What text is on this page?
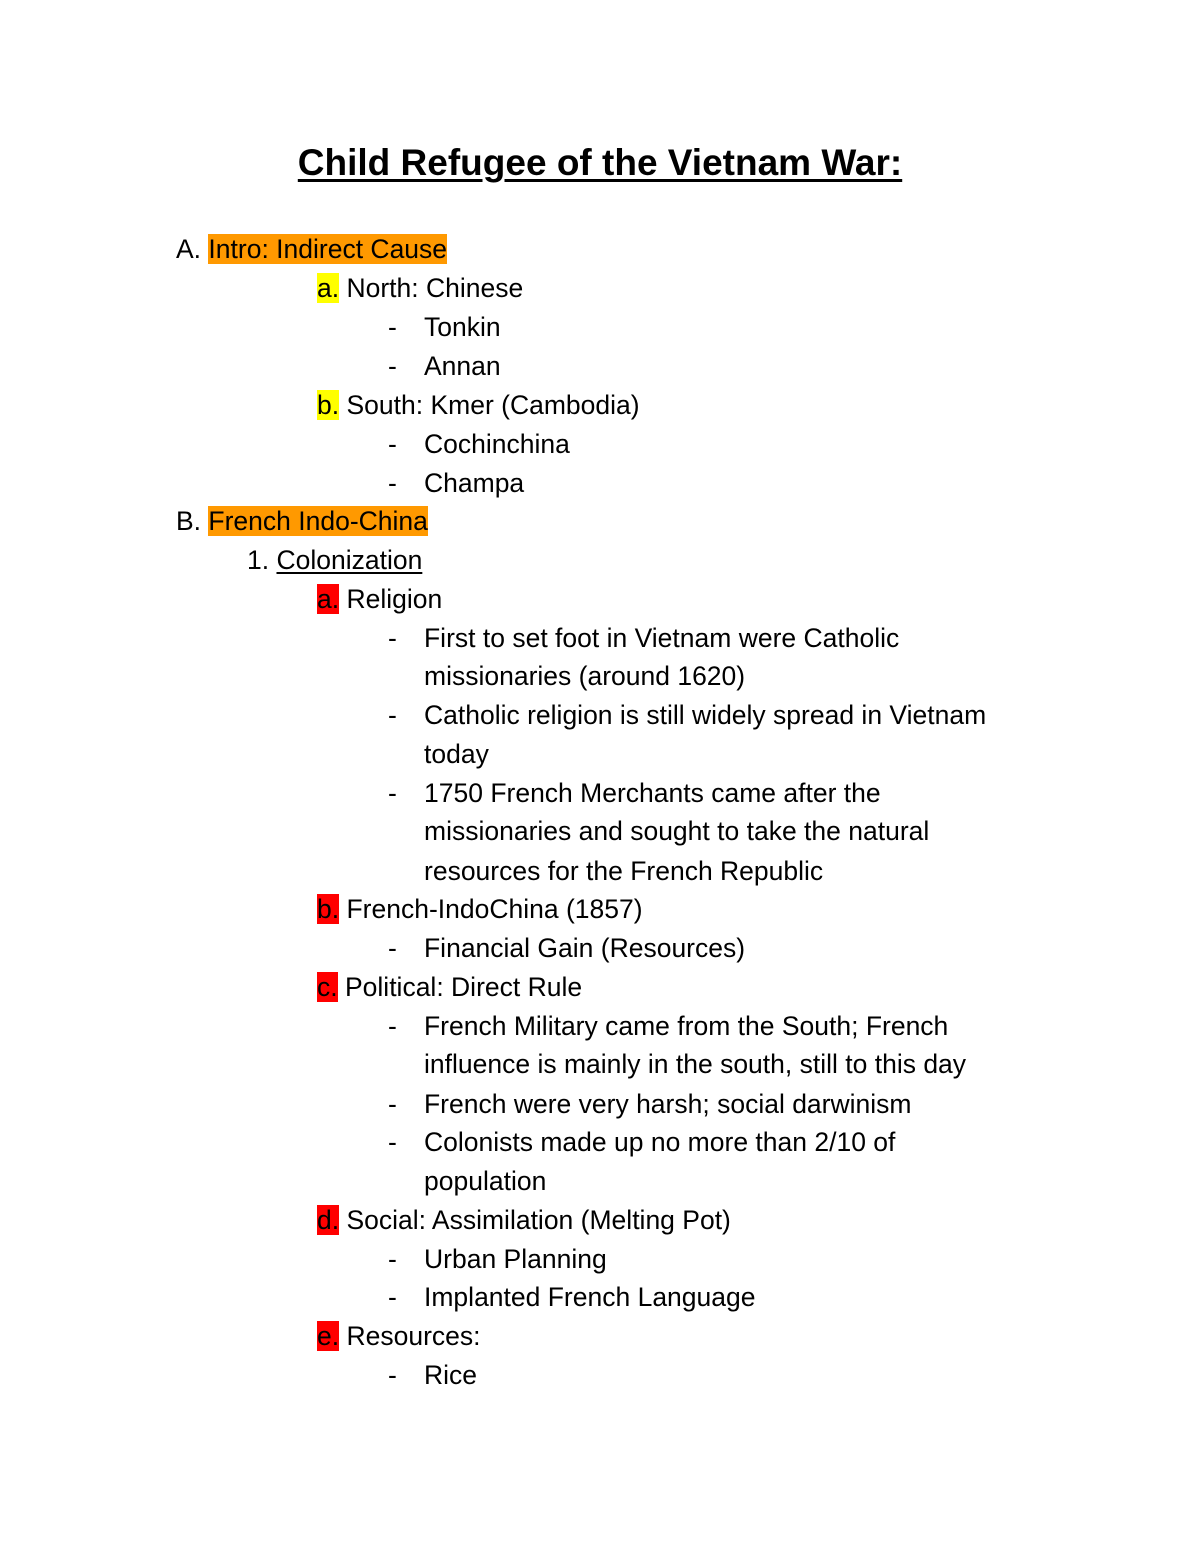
Child Refugee of the Vietnam War:
A. Intro: Indirect Cause
a. North: Chinese
- Tonkin
- Annan
b. South: Kmer (Cambodia)
- Cochinchina
- Champa
B. French Indo-China
1. Colonization
a. Religion
- First to set foot in Vietnam were Catholic
missionaries (around 1620)
- Catholic religion is still widely spread in Vietnam
today
- 1750 French Merchants came after the
missionaries and sought to take the natural
resources for the French Republic
b. French-IndoChina (1857)
- Financial Gain (Resources)
c. Political: Direct Rule
- French Military came from the South; French
influence is mainly in the south, still to this day
- French were very harsh; social darwinism
- Colonists made up no more than 2/10 of
population
d. Social: Assimilation (Melting Pot)
- Urban Planning
- Implanted French Language
e. Resources:
- Rice
